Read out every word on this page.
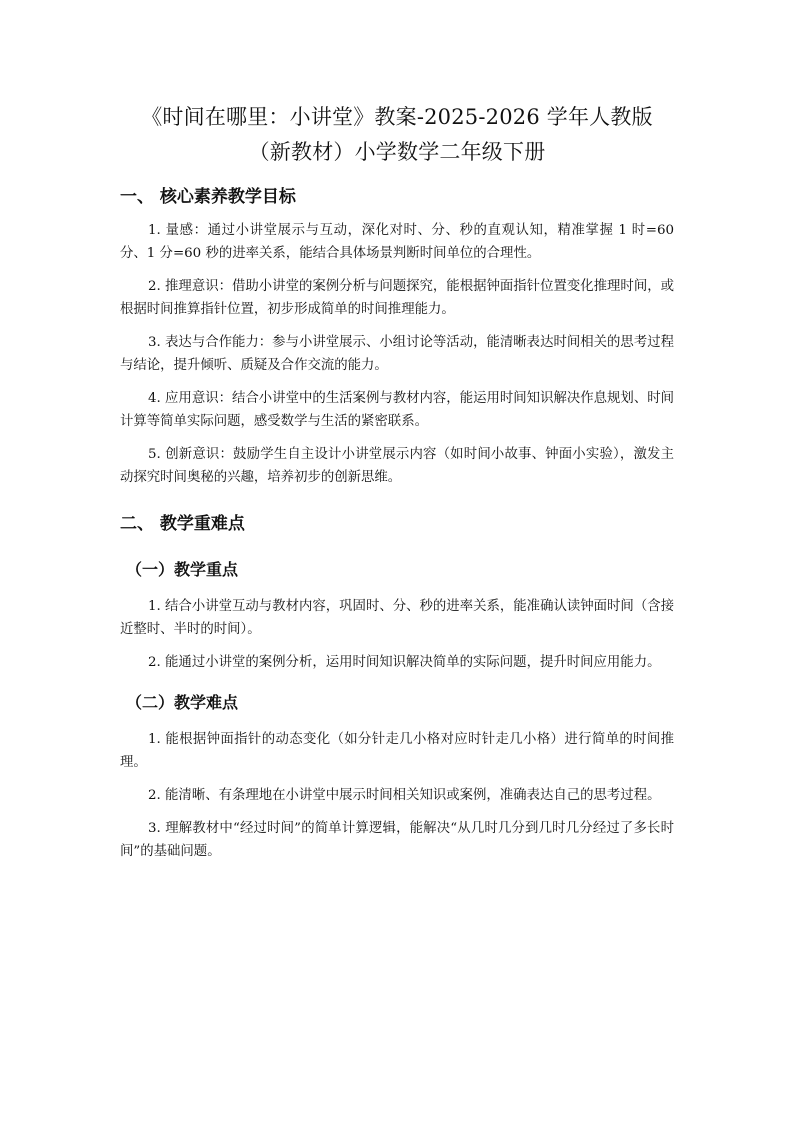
《时间在哪里：小讲堂》教案-2025-2026 学年人教版
（新教材）小学数学二年级下册
一、 核心素养教学目标

1. 量感：通过小讲堂展示与互动，深化对时、分、秒的直观认知，精准掌握 1 时=60 分、1 分=60 秒的进率关系，能结合具体场景判断时间单位的合理性。

2. 推理意识：借助小讲堂的案例分析与问题探究，能根据钟面指针位置变化推理时间，或根据时间推算指针位置，初步形成简单的时间推理能力。

3. 表达与合作能力：参与小讲堂展示、小组讨论等活动，能清晰表达时间相关的思考过程与结论，提升倾听、质疑及合作交流的能力。

4. 应用意识：结合小讲堂中的生活案例与教材内容，能运用时间知识解决作息规划、时间计算等简单实际问题，感受数学与生活的紧密联系。

5. 创新意识：鼓励学生自主设计小讲堂展示内容（如时间小故事、钟面小实验），激发主动探究时间奥秘的兴趣，培养初步的创新思维。

二、 教学重难点
（一）教学重点

1. 结合小讲堂互动与教材内容，巩固时、分、秒的进率关系，能准确认读钟面时间（含接近整时、半时的时间）。

2. 能通过小讲堂的案例分析，运用时间知识解决简单的实际问题，提升时间应用能力。

（二）教学难点

1. 能根据钟面指针的动态变化（如分针走几小格对应时针走几小格）进行简单的时间推理。

2. 能清晰、有条理地在小讲堂中展示时间相关知识或案例，准确表达自己的思考过程。

3. 理解教材中“经过时间”的简单计算逻辑，能解决“从几时几分到几时几分经过了多长时间”的基础问题。
